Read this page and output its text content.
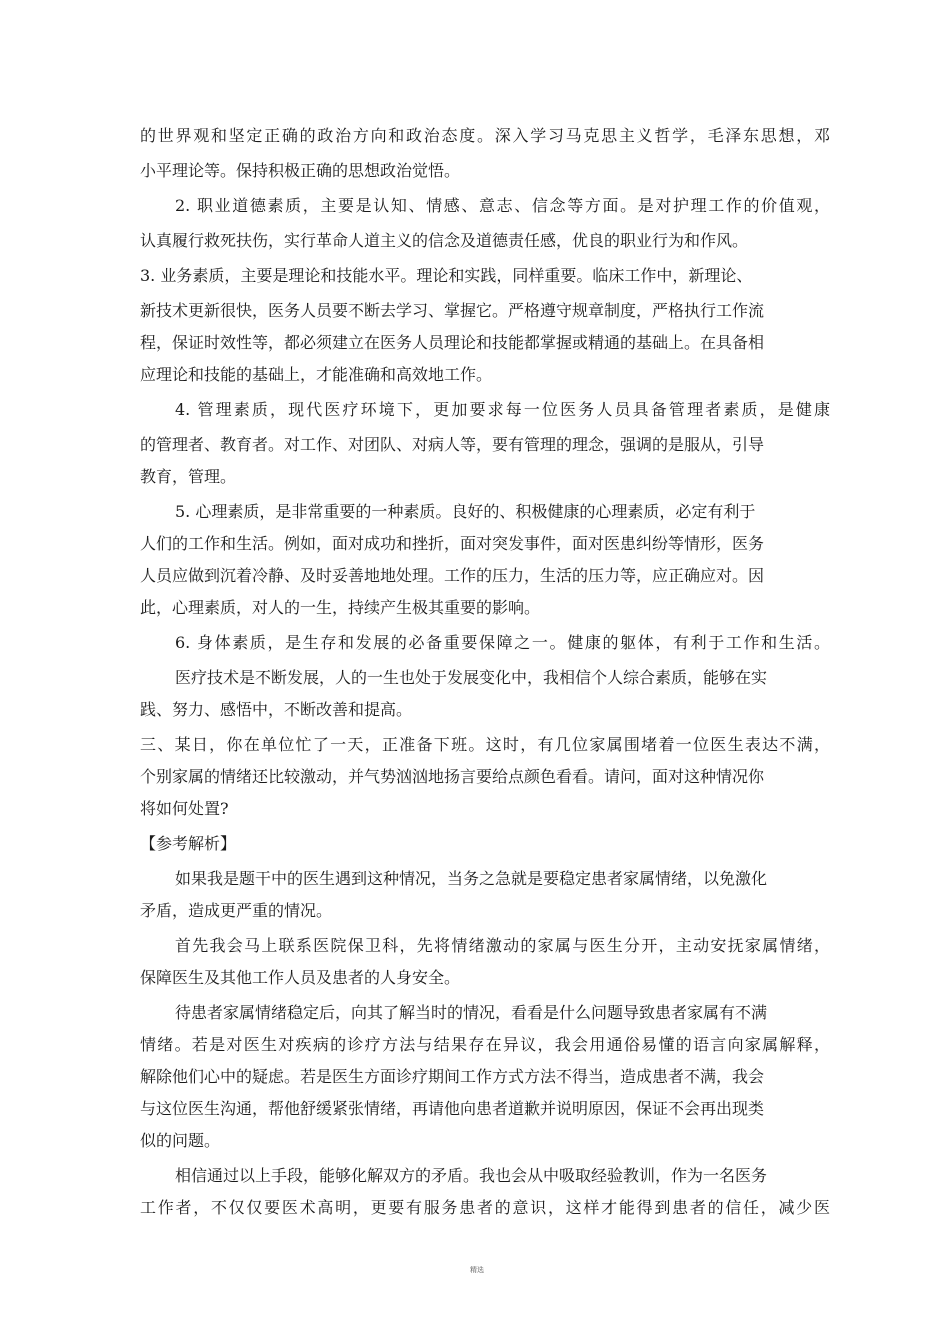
的世界观和坚定正确的政治方向和政治态度。深入学习马克思主义哲学，毛泽东思想，邓
小平理论等。保持积极正确的思想政治觉悟。
2. 职业道德素质，主要是认知、情感、意志、信念等方面。是对护理工作的价值观，
认真履行救死扶伤，实行革命人道主义的信念及道德责任感，优良的职业行为和作风。
3. 业务素质，主要是理论和技能水平。理论和实践，同样重要。临床工作中，新理论、
新技术更新很快，医务人员要不断去学习、掌握它。严格遵守规章制度，严格执行工作流
程，保证时效性等，都必须建立在医务人员理论和技能都掌握或精通的基础上。在具备相
应理论和技能的基础上，才能准确和高效地工作。
4. 管理素质，现代医疗环境下，更加要求每一位医务人员具备管理者素质，是健康
的管理者、教育者。对工作、对团队、对病人等，要有管理的理念，强调的是服从，引导
教育，管理。
5. 心理素质，是非常重要的一种素质。良好的、积极健康的心理素质，必定有利于
人们的工作和生活。例如，面对成功和挫折，面对突发事件，面对医患纠纷等情形，医务
人员应做到沉着冷静、及时妥善地地处理。工作的压力，生活的压力等，应正确应对。因
此，心理素质，对人的一生，持续产生极其重要的影响。
6. 身体素质，是生存和发展的必备重要保障之一。健康的躯体，有利于工作和生活。
医疗技术是不断发展，人的一生也处于发展变化中，我相信个人综合素质，能够在实
践、努力、感悟中，不断改善和提高。
三、某日，你在单位忙了一天，正准备下班。这时，有几位家属围堵着一位医生表达不满，
个别家属的情绪还比较激动，并气势汹汹地扬言要给点颜色看看。请问，面对这种情况你
将如何处置?
【参考解析】
如果我是题干中的医生遇到这种情况，当务之急就是要稳定患者家属情绪，以免激化
矛盾，造成更严重的情况。
首先我会马上联系医院保卫科，先将情绪激动的家属与医生分开，主动安抚家属情绪，
保障医生及其他工作人员及患者的人身安全。
待患者家属情绪稳定后，向其了解当时的情况，看看是什么问题导致患者家属有不满
情绪。若是对医生对疾病的诊疗方法与结果存在异议，我会用通俗易懂的语言向家属解释，
解除他们心中的疑虑。若是医生方面诊疗期间工作方式方法不得当，造成患者不满，我会
与这位医生沟通，帮他舒缓紧张情绪，再请他向患者道歉并说明原因，保证不会再出现类
似的问题。
相信通过以上手段，能够化解双方的矛盾。我也会从中吸取经验教训，作为一名医务
工作者，不仅仅要医术高明，更要有服务患者的意识，这样才能得到患者的信任，减少医
精选
